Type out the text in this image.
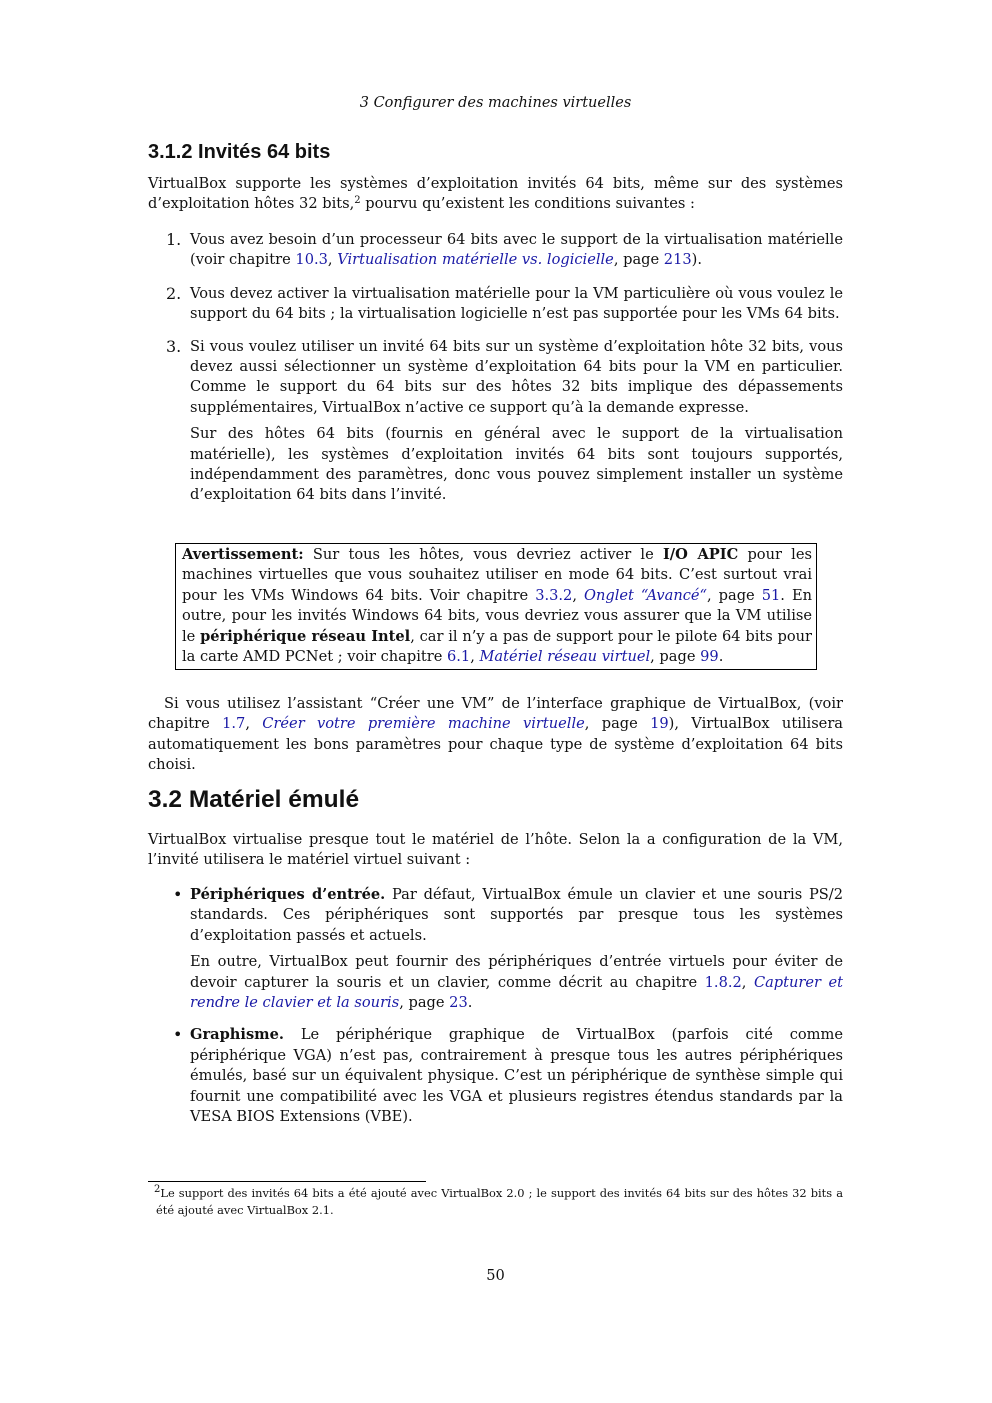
3 Configurer des machines virtuelles
3.1.2 Invités 64 bits

VirtualBox supporte les systèmes d’exploitation invités 64 bits, même sur des systèmes d’exploitation hôtes 32 bits,$^2$ pourvu qu’existent les conditions suivantes :

1. Vous avez besoin d’un processeur 64 bits avec le support de la virtualisation matérielle (voir chapitre 10.3, Virtualisation matérielle vs. logicielle, page 213).

2. Vous devez activer la virtualisation matérielle pour la VM particulière où vous voulez le support du 64 bits ; la virtualisation logicielle n’est pas supportée pour les VMs 64 bits.

3. Si vous voulez utiliser un invité 64 bits sur un système d’exploitation hôte 32 bits, vous devez aussi sélectionner un système d’exploitation 64 bits pour la VM en particulier. Comme le support du 64 bits sur des hôtes 32 bits implique des dépassements supplémentaires, VirtualBox n’active ce support qu’à la demande expresse.

Sur des hôtes 64 bits (fournis en général avec le support de la virtualisation matérielle), les systèmes d’exploitation invités 64 bits sont toujours supportés, indépendamment des paramètres, donc vous pouvez simplement installer un système d’exploitation 64 bits dans l’invité.

Avertissement: Sur tous les hôtes, vous devriez activer le I/O APIC pour les machines virtuelles que vous souhaitez utiliser en mode 64 bits. C’est surtout vrai pour les VMs Windows 64 bits. Voir chapitre 3.3.2, Onglet “Avancé“, page 51. En outre, pour les invités Windows 64 bits, vous devriez vous assurer que la VM utilise le périphérique réseau Intel, car il n’y a pas de support pour le pilote 64 bits pour la carte AMD PCNet ; voir chapitre 6.1, Matériel réseau virtuel, page 99.

Si vous utilisez l’assistant “Créer une VM” de l’interface graphique de VirtualBox, (voir chapitre 1.7, Créer votre première machine virtuelle, page 19), VirtualBox utilisera automatiquement les bons paramètres pour chaque type de système d’exploitation 64 bits choisi.

3.2 Matériel émulé

VirtualBox virtualise presque tout le matériel de l’hôte. Selon la a configuration de la VM, l’invité utilisera le matériel virtuel suivant :

• Périphériques d’entrée. Par défaut, VirtualBox émule un clavier et une souris PS/2 standards. Ces périphériques sont supportés par presque tous les systèmes d’exploitation passés et actuels.

En outre, VirtualBox peut fournir des périphériques d’entrée virtuels pour éviter de devoir capturer la souris et un clavier, comme décrit au chapitre 1.8.2, Capturer et rendre le clavier et la souris, page 23.

• Graphisme. Le périphérique graphique de VirtualBox (parfois cité comme périphérique VGA) n’est pas, contrairement à presque tous les autres périphériques émulés, basé sur un équivalent physique. C’est un périphérique de synthèse simple qui fournit une compatibilité avec les VGA et plusieurs registres étendus standards par la VESA BIOS Extensions (VBE).

$^2$Le support des invités 64 bits a été ajouté avec VirtualBox 2.0 ; le support des invités 64 bits sur des hôtes 32 bits a été ajouté avec VirtualBox 2.1.
50
